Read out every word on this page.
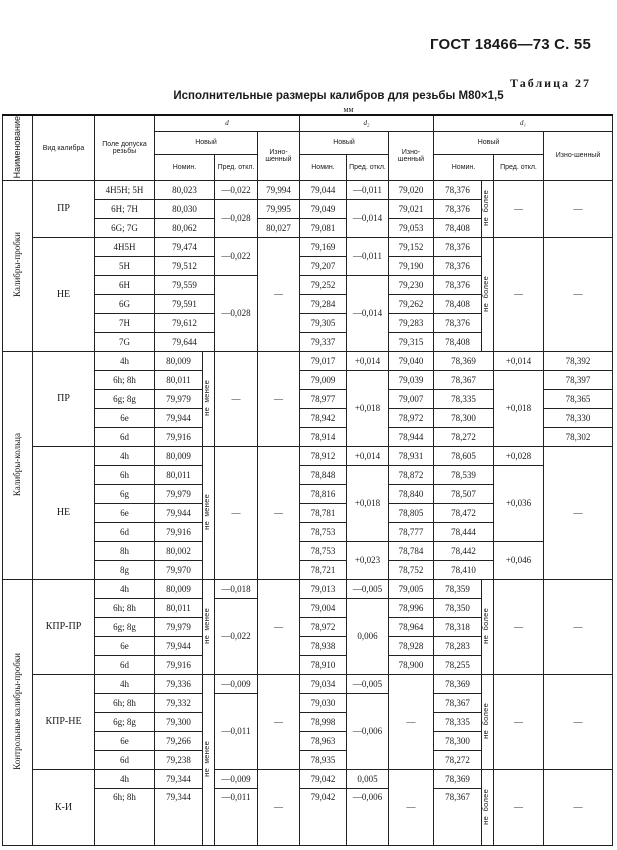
ГОСТ 18466—73 С. 55
Таблица 27
Исполнительные размеры калибров для резьбы М80×1,5
мм
Наименование	Вид калибра	Поле допуска резьбы	d				d₂			d₁			
			Новый			Изно-шенный	Новый		Изно-шенный	Новый			Изно-шенный
			Номин.		Пред. откл.		Номин.	Пред. откл.		Номин.		Пред. откл.	
Калибры-пробки	ПР	4H5H; 5H	80,023		—0,022	79,994	79,044	—0,011	79,020	78,376	не более	—	—
		6H; 7H	80,030		—0,028	79,995	79,049	—0,014	79,021	78,376			
		6G; 7G	80,062			80,027	79,081		79,053	78,408			
	НЕ	4H5H	79,474		—0,022	—	79,169	—0,011	79,152	78,376	не более	—	—
		5H	79,512				79,207		79,190	78,376			
		6H	79,559		—0,028		79,252	—0,014	79,230	78,376			
		6G	79,591				79,284		79,262	78,408			
		7H	79,612				79,305		79,283	78,376			
		7G	79,644				79,337		79,315	78,408			
Калибры-кольца	ПР	4h	80,009	не менее	—	—	79,017	+0,014	79,040	78,369		+0,014	78,392
		6h; 8h	80,011				79,009	+0,018	79,039	78,367		+0,018	78,397
		6g; 8g	79,979				78,977		79,007	78,335			78,365
		6e	79,944				78,942		78,972	78,300			78,330
		6d	79,916				78,914		78,944	78,272			78,302
	НЕ	4h	80,009	не менее	—	—	78,912	+0,014	78,931	78,605		+0,028	—
		6h	80,011				78,848	+0,018	78,872	78,539		+0,036	
		6g	79,979				78,816		78,840	78,507			
		6e	79,944				78,781		78,805	78,472			
		6d	79,916				78,753		78,777	78,444			
		8h	80,002				78,753	+0,023	78,784	78,442		+0,046	
		8g	79,970				78,721		78,752	78,410			
Контрольные калибры-пробки	КПР-ПР	4h	80,009	не менее	—0,018	—	79,013	—0,005	79,005	78,359	не более	—	—
		6h; 8h	80,011		—0,022		79,004	0,006	78,996	78,350			
		6g; 8g	79,979				78,972		78,964	78,318			
		6e	79,944				78,938		78,928	78,283			
		6d	79,916				78,910		78,900	78,255			
	КПР-НЕ	4h	79,336	не менее	—0,009	—	79,034	—0,005	—	78,369	не более	—	—
		6h; 8h	79,332		—0,011		79,030	—0,006		78,367			
		6g; 8g	79,300				78,998			78,335			
		6e	79,266				78,963			78,300			
		6d	79,238				78,935			78,272			
	К-И	4h	79,344		—0,009	—	79,042	0,005	—	78,369	не более	—	—
		6h; 8h	79,344		—0,011		79,042	—0,006		78,367			
